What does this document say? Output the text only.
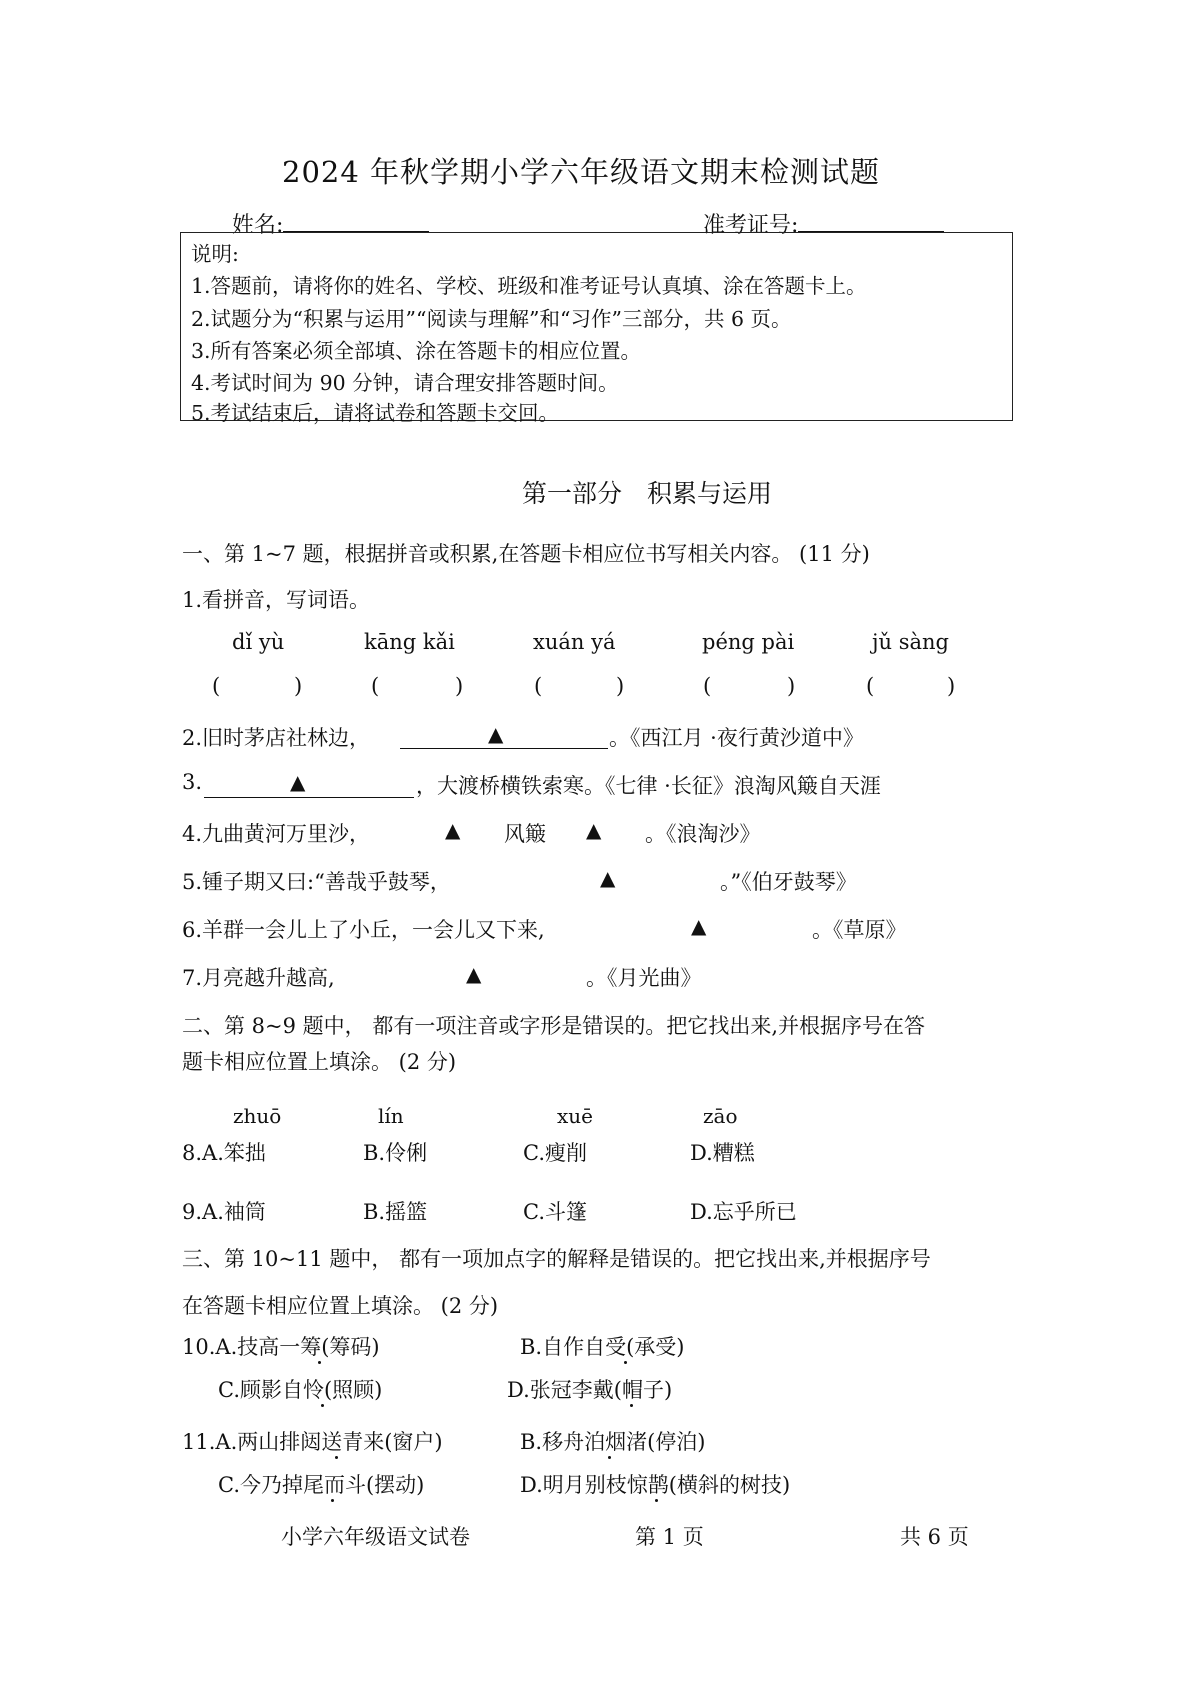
2024 年秋学期小学六年级语文期末检测试题
姓名:	准考证号:
说明:
1.答题前，请将你的姓名、学校、班级和准考证号认真填、涂在答题卡上。
2.试题分为“积累与运用”“阅读与理解”和“习作”三部分，共 6 页。
3.所有答案必须全部填、涂在答题卡的相应位置。
4.考试时间为 90 分钟，请合理安排答题时间。
5.考试结束后，请将试卷和答题卡交回。
第一部分　积累与运用
一、第 1~7 题，根据拼音或积累,在答题卡相应位书写相关内容。 (11 分)
1.看拼音，写词语。
dǐ yù	kāng kǎi	xuán yá	péng pài	jǔ sàng
(	)	(	)	(	)	(	)	(	)
2.旧时茅店社林边，	▲	。《西江月 ·夜行黄沙道中》
3.	▲	，大渡桥横铁索寒。《七律 ·长征》浪淘风簸自天涯
4.九曲黄河万里沙，	▲ 风簸 ▲ 。《浪淘沙》
5.锺子期又曰:“善哉乎鼓琴，	▲	。”《伯牙鼓琴》
6.羊群一会儿上了小丘，一会儿又下来,	▲	。《草原》
7.月亮越升越高,	▲	。《月光曲》
二、第 8~9 题中， 都有一项注音或字形是错误的。把它找出来,并根据序号在答
题卡相应位置上填涂。 (2 分)
zhuō	lín	xuē	zāo
8.A.笨拙	B.伶俐	C.瘦削	D.糟糕
9.A.袖筒	B.摇篮	C.斗篷	D.忘乎所已
三、第 10~11 题中， 都有一项加点字的解释是错误的。把它找出来,并根据序号
在答题卡相应位置上填涂。 (2 分)
10.A.技高一筹(筹码)	B.自作自受(承受)
C.顾影自怜(照顾)	D.张冠李戴(帽子)
11.A.两山排闼送青来(窗户)	B.移舟泊烟渚(停泊)
C.今乃掉尾而斗(摆动)	D.明月别枝惊鹊(横斜的树技)
小学六年级语文试卷	第 1 页	共 6 页
